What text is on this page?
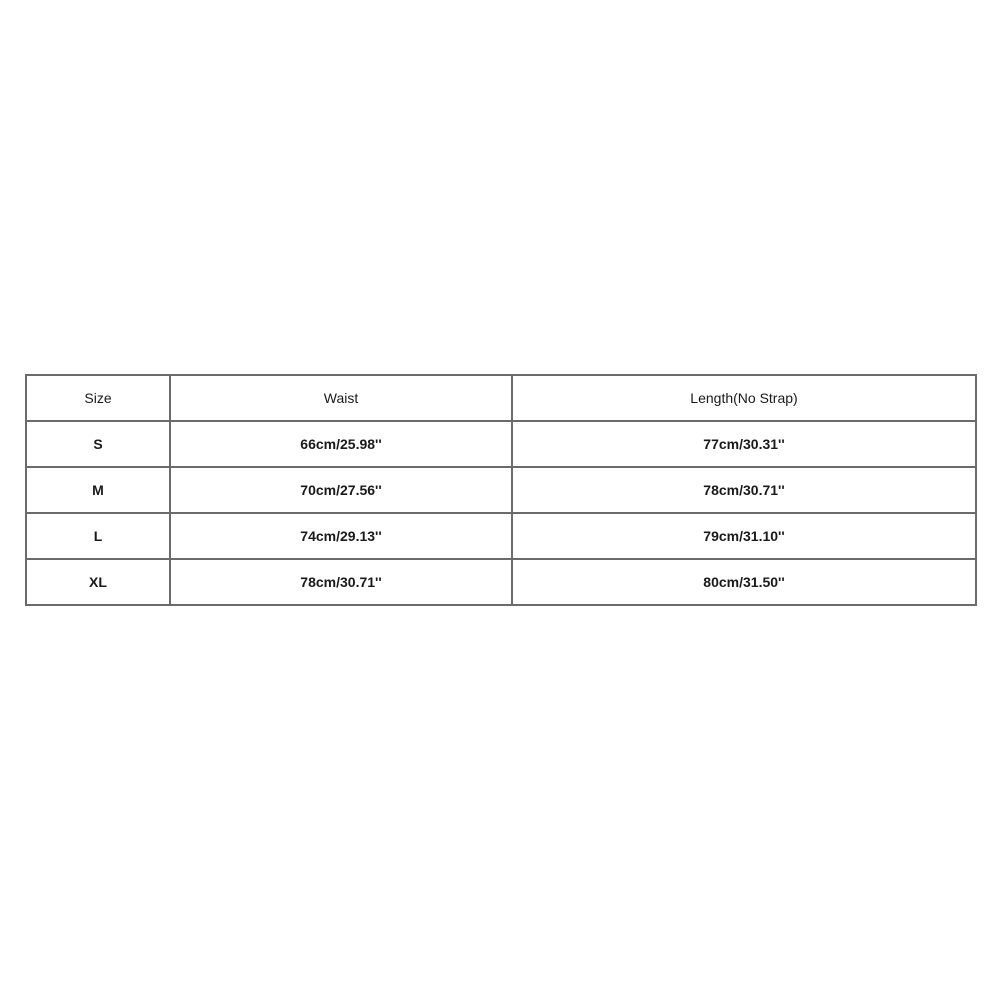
Size	Waist	Length(No Strap)
S	66cm/25.98''	77cm/30.31''
M	70cm/27.56''	78cm/30.71''
L	74cm/29.13''	79cm/31.10''
XL	78cm/30.71''	80cm/31.50''
